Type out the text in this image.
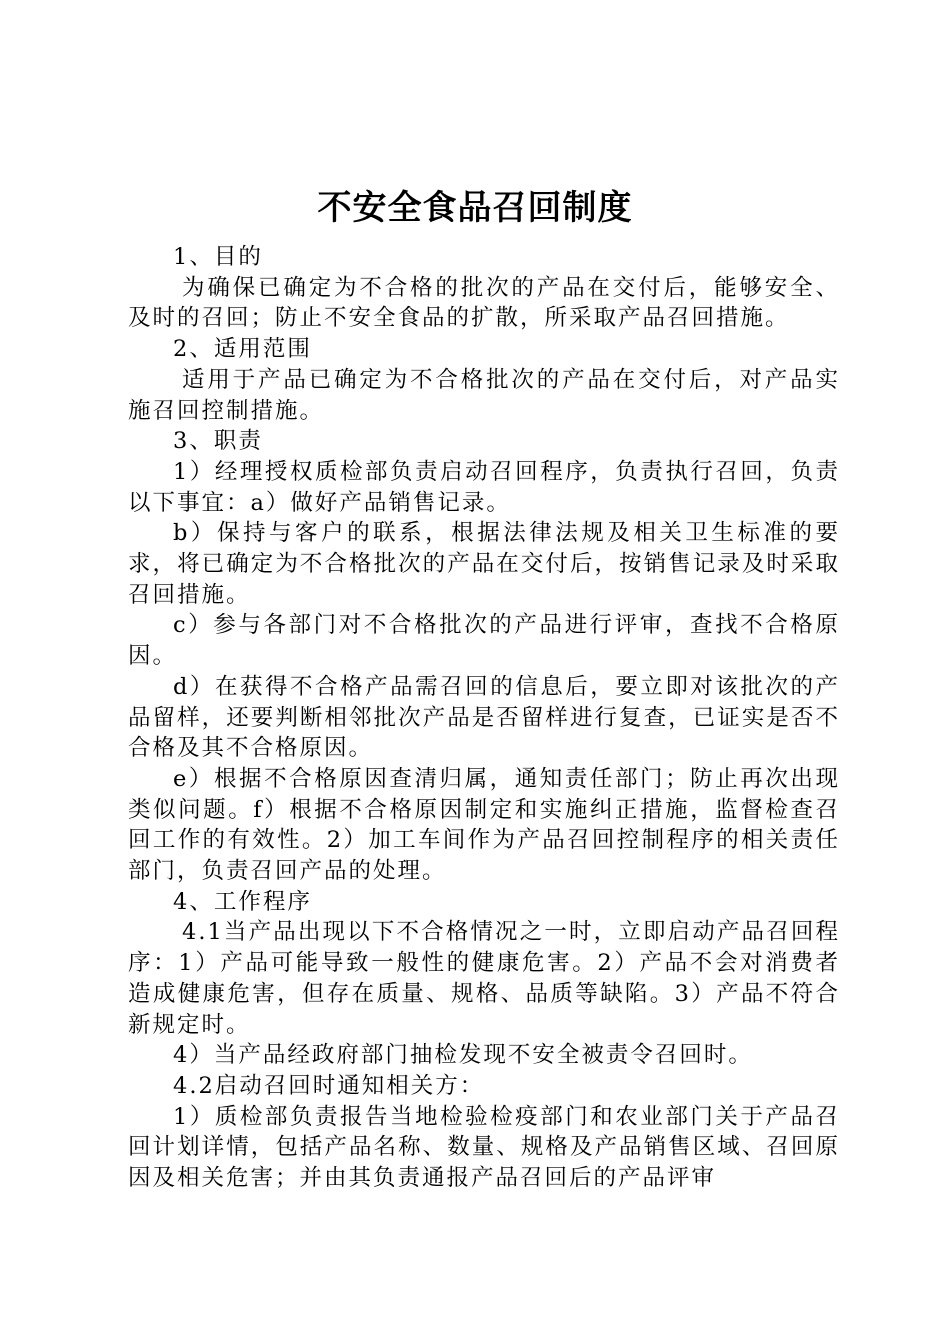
不安全食品召回制度

1、目的

为确保已确定为不合格的批次的产品在交付后，能够安全、及时的召回；防止不安全食品的扩散，所采取产品召回措施。

2、适用范围

适用于产品已确定为不合格批次的产品在交付后，对产品实施召回控制措施。

3、职责

1）经理授权质检部负责启动召回程序，负责执行召回，负责以下事宜：a）做好产品销售记录。

b）保持与客户的联系，根据法律法规及相关卫生标准的要求，将已确定为不合格批次的产品在交付后，按销售记录及时采取召回措施。

c）参与各部门对不合格批次的产品进行评审，查找不合格原因。

d）在获得不合格产品需召回的信息后，要立即对该批次的产品留样，还要判断相邻批次产品是否留样进行复查，已证实是否不合格及其不合格原因。

e）根据不合格原因查清归属，通知责任部门；防止再次出现类似问题。f）根据不合格原因制定和实施纠正措施，监督检查召回工作的有效性。2）加工车间作为产品召回控制程序的相关责任部门，负责召回产品的处理。

4、工作程序

4.1当产品出现以下不合格情况之一时，立即启动产品召回程序：1）产品可能导致一般性的健康危害。2）产品不会对消费者造成健康危害，但存在质量、规格、品质等缺陷。3）产品不符合新规定时。

4）当产品经政府部门抽检发现不安全被责令召回时。

4.2启动召回时通知相关方：

1）质检部负责报告当地检验检疫部门和农业部门关于产品召回计划详情，包括产品名称、数量、规格及产品销售区域、召回原因及相关危害；并由其负责通报产品召回后的产品评审
